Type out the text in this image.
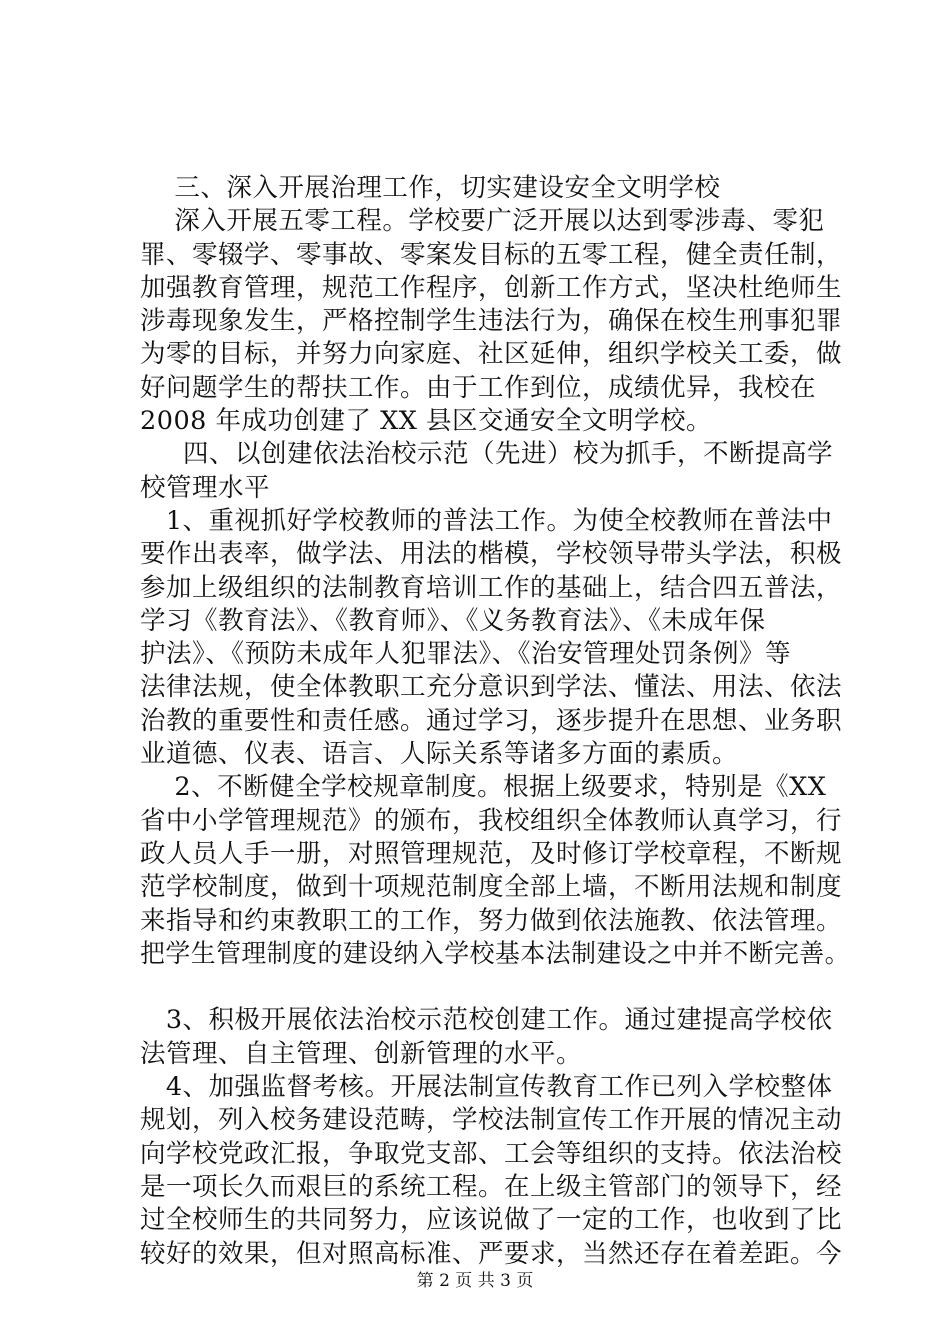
三、深入开展治理工作，切实建设安全文明学校
深入开展五零工程。学校要广泛开展以达到零涉毒、零犯
罪、零辍学、零事故、零案发目标的五零工程，健全责任制，
加强教育管理，规范工作程序，创新工作方式，坚决杜绝师生
涉毒现象发生，严格控制学生违法行为，确保在校生刑事犯罪
为零的目标，并努力向家庭、社区延伸，组织学校关工委，做
好问题学生的帮扶工作。由于工作到位，成绩优异，我校在
2008 年成功创建了 XX 县区交通安全文明学校。
四、以创建依法治校示范（先进）校为抓手，不断提高学
校管理水平
1、重视抓好学校教师的普法工作。为使全校教师在普法中
要作出表率，做学法、用法的楷模，学校领导带头学法，积极
参加上级组织的法制教育培训工作的基础上，结合四五普法，
学习《教育法》、《教育师》、《义务教育法》、《未成年保
护法》、《预防未成年人犯罪法》、《治安管理处罚条例》等
法律法规，使全体教职工充分意识到学法、懂法、用法、依法
治教的重要性和责任感。通过学习，逐步提升在思想、业务职
业道德、仪表、语言、人际关系等诸多方面的素质。
2、不断健全学校规章制度。根据上级要求，特别是《XX
省中小学管理规范》的颁布，我校组织全体教师认真学习，行
政人员人手一册，对照管理规范，及时修订学校章程，不断规
范学校制度，做到十项规范制度全部上墙，不断用法规和制度
来指导和约束教职工的工作，努力做到依法施教、依法管理。
把学生管理制度的建设纳入学校基本法制建设之中并不断完善。
3、积极开展依法治校示范校创建工作。通过建提高学校依
法管理、自主管理、创新管理的水平。
4、加强监督考核。开展法制宣传教育工作已列入学校整体
规划，列入校务建设范畴，学校法制宣传工作开展的情况主动
向学校党政汇报，争取党支部、工会等组织的支持。依法治校
是一项长久而艰巨的系统工程。在上级主管部门的领导下，经
过全校师生的共同努力，应该说做了一定的工作，也收到了比
较好的效果，但对照高标准、严要求，当然还存在着差距。今
第 2 页 共 3 页
